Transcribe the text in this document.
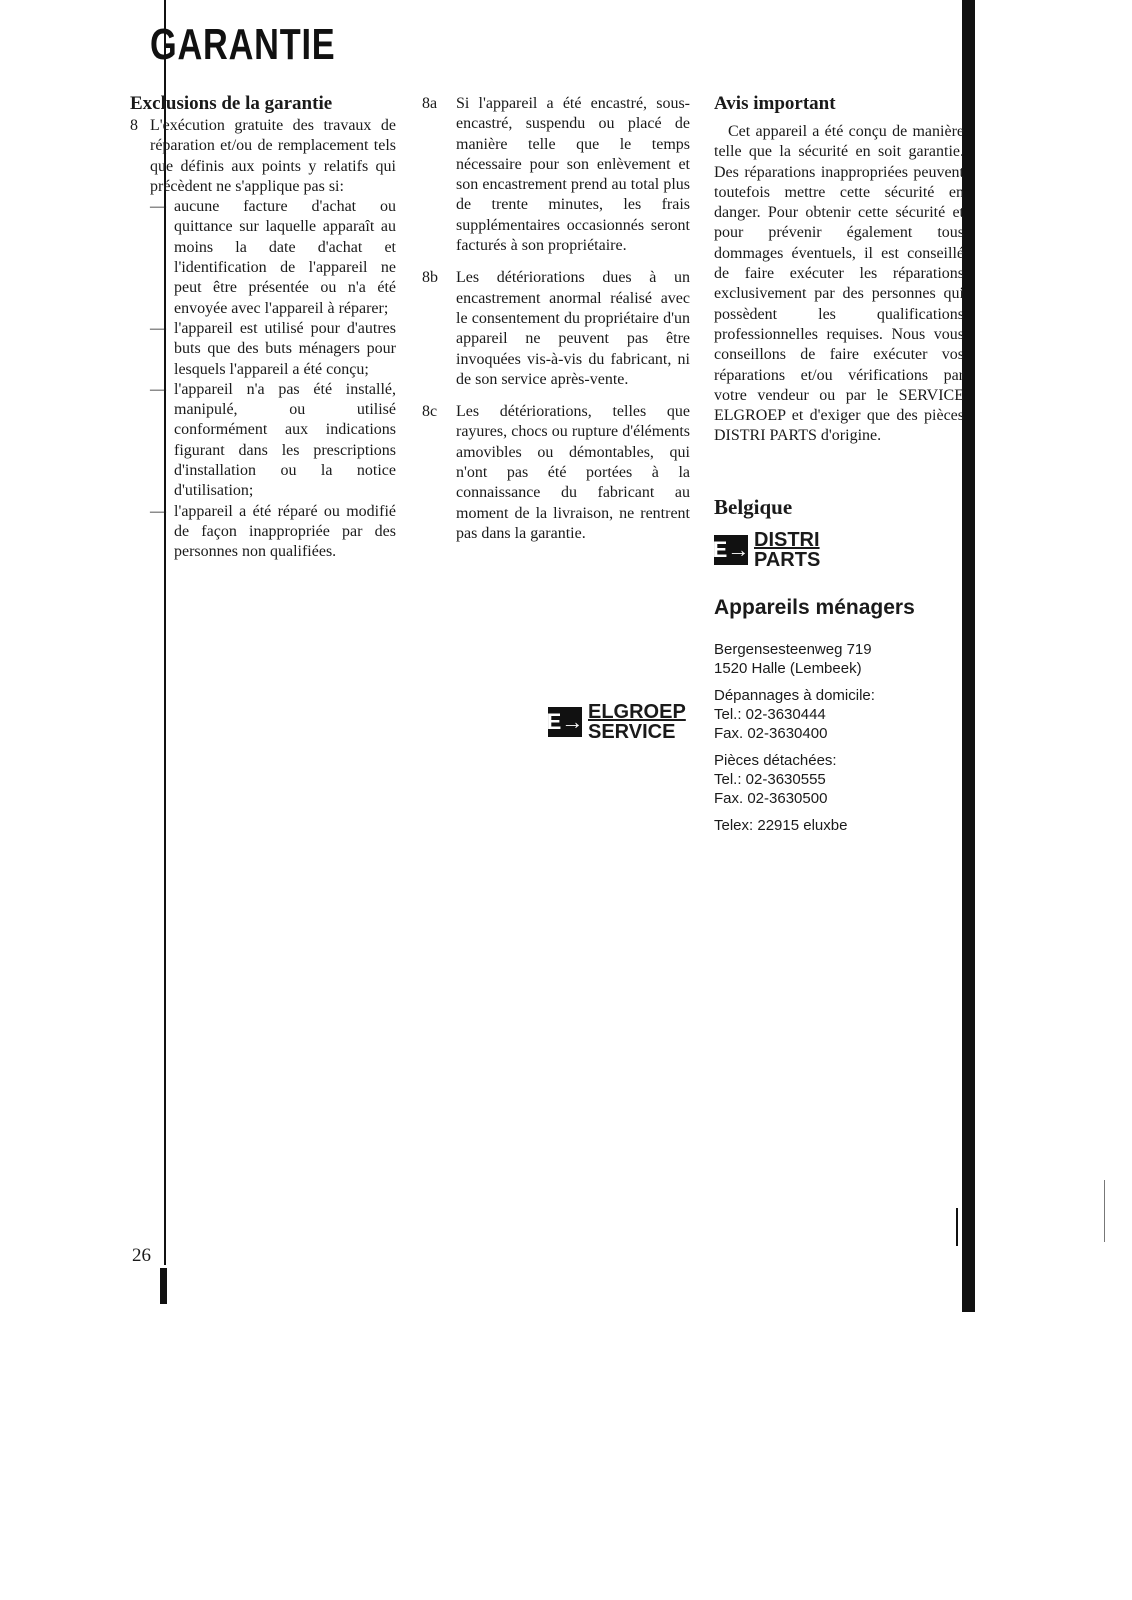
GARANTIE
Exclusions de la garantie
8 L'exécution gratuite des travaux de réparation et/ou de remplacement tels que définis aux points y relatifs qui précèdent ne s'applique pas si:
— aucune facture d'achat ou quittance sur laquelle apparaît au moins la date d'achat et l'identification de l'appareil ne peut être présentée ou n'a été envoyée avec l'appareil à réparer;
— l'appareil est utilisé pour d'autres buts que des buts ménagers pour lesquels l'appareil a été conçu;
— l'appareil n'a pas été installé, manipulé, ou utilisé conformément aux indications figurant dans les prescriptions d'installation ou la notice d'utilisation;
— l'appareil a été réparé ou modifié de façon inappropriée par des personnes non qualifiées.
8a	Si l'appareil a été encastré, sous-encastré, suspendu ou placé de manière telle que le temps nécessaire pour son enlèvement et son encastrement prend au total plus de trente minutes, les frais supplémentaires occasionnés seront facturés à son propriétaire.
8b	Les détériorations dues à un encastrement anormal réalisé avec le consentement du propriétaire d'un appareil ne peuvent pas être invoquées vis-à-vis du fabricant, ni de son service après-vente.
8c	Les détériorations, telles que rayures, chocs ou rupture d'éléments amovibles ou démontables, qui n'ont pas été portées à la connaissance du fabricant au moment de la livraison, ne rentrent pas dans la garantie.
Avis important

Cet appareil a été conçu de manière telle que la sécurité en soit garantie. Des réparations inappropriées peuvent toutefois mettre cette sécurité en danger. Pour obtenir cette sécurité et pour prévenir également tous dommages éventuels, il est conseillé de faire exécuter les réparations exclusivement par des personnes qui possèdent les qualifications professionnelles requises. Nous vous conseillons de faire exécuter vos réparations et/ou vérifications par votre vendeur ou par le SERVICE ELGROEP et d'exiger que des pièces DISTRI PARTS d'origine.

Belgique
E→ DISTRI
PARTS
Appareils ménagers
Bergensesteenweg 719
1520 Halle (Lembeek)
Dépannages à domicile:
Tel.: 02-3630444
Fax. 02-3630400
Pièces détachées:
Tel.: 02-3630555
Fax. 02-3630500
Telex: 22915 eluxbe
E→ ELGROEP
SERVICE
26
